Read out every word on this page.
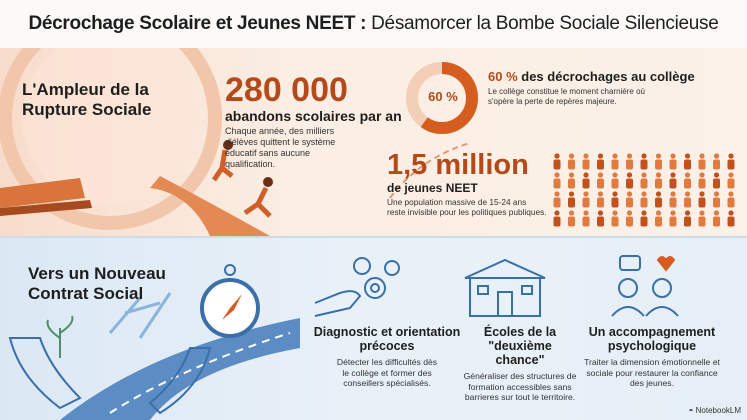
Décrochage Scolaire et Jeunes NEET : Désamorcer la Bombe Sociale Silencieuse
60 %
L'Ampleur de la Rupture Sociale
280 000
abandons scolaires par an
Chaque année, des milliers d'élèves quittent le système éducatif sans aucune qualification.
60 % des décrochages au collège
Le collège constitue le moment charnière où s'opère la perte de repères majeure.
1,5 million
de jeunes NEET
Une population massive de 15-24 ans reste invisible pour les politiques publiques.
Vers un Nouveau Contrat Social
Diagnostic et orientation précoces

Détecter les difficultés dès le collège et former des conseillers spécialisés.

Écoles de la "deuxième chance"

Généraliser des structures de formation accessibles sans barrieres sur tout le territoire.

Un accompagnement psychologique

Traiter la dimension émotionnelle et sociale pour restaurer la confiance des jeunes.

◓ NotebookLM
